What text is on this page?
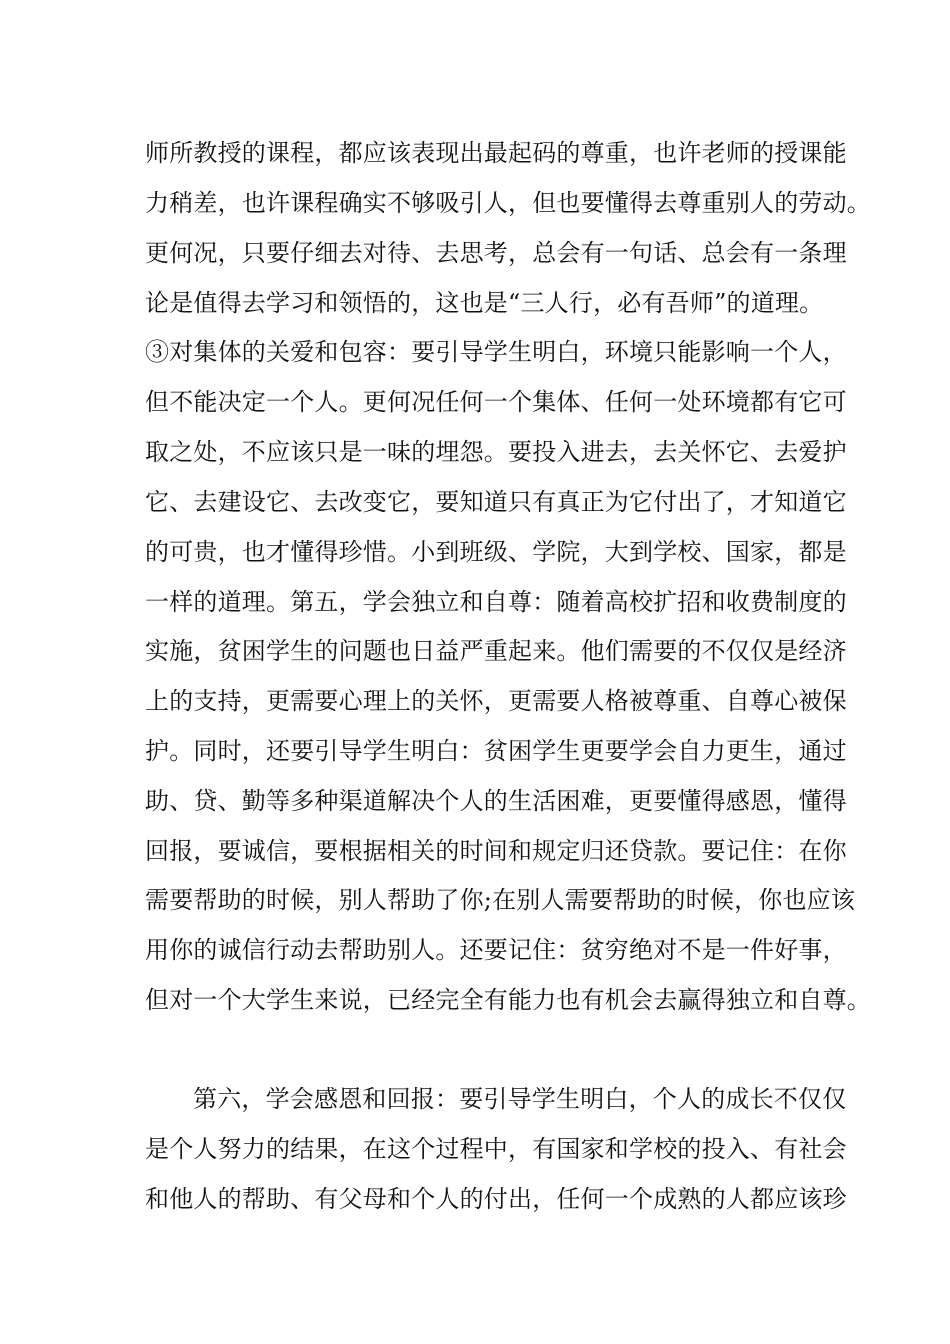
师所教授的课程，都应该表现出最起码的尊重，也许老师的授课能

力稍差，也许课程确实不够吸引人，但也要懂得去尊重别人的劳动。

更何况，只要仔细去对待、去思考，总会有一句话、总会有一条理

论是值得去学习和领悟的，这也是“三人行，必有吾师”的道理。

③对集体的关爱和包容：要引导学生明白，环境只能影响一个人，

但不能决定一个人。更何况任何一个集体、任何一处环境都有它可

取之处，不应该只是一味的埋怨。要投入进去，去关怀它、去爱护

它、去建设它、去改变它，要知道只有真正为它付出了，才知道它

的可贵，也才懂得珍惜。小到班级、学院，大到学校、国家，都是

一样的道理。第五，学会独立和自尊：随着高校扩招和收费制度的

实施，贫困学生的问题也日益严重起来。他们需要的不仅仅是经济

上的支持，更需要心理上的关怀，更需要人格被尊重、自尊心被保

护。同时，还要引导学生明白：贫困学生更要学会自力更生，通过

助、贷、勤等多种渠道解决个人的生活困难，更要懂得感恩，懂得

回报，要诚信，要根据相关的时间和规定归还贷款。要记住：在你

需要帮助的时候，别人帮助了你;在别人需要帮助的时候，你也应该

用你的诚信行动去帮助别人。还要记住：贫穷绝对不是一件好事，

但对一个大学生来说，已经完全有能力也有机会去赢得独立和自尊。

第六，学会感恩和回报：要引导学生明白，个人的成长不仅仅

是个人努力的结果，在这个过程中，有国家和学校的投入、有社会

和他人的帮助、有父母和个人的付出，任何一个成熟的人都应该珍
